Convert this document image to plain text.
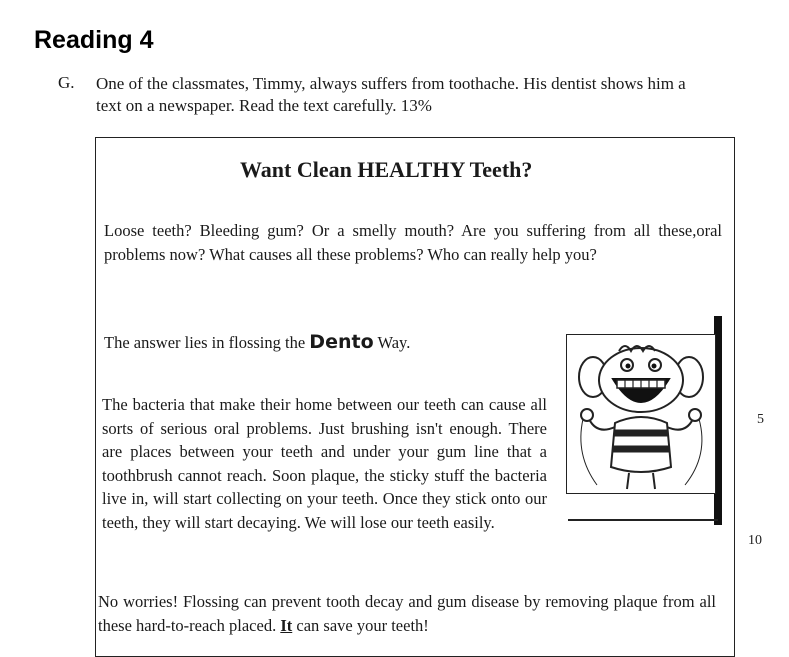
Reading 4
G. One of the classmates, Timmy, always suffers from toothache. His dentist shows him a
text on a newspaper. Read the text carefully. 13%
Want Clean HEALTHY Teeth?
Loose teeth? Bleeding gum? Or a smelly mouth? Are you suffering from all these,oral problems now? What causes all these problems? Who can really help you?
The answer lies in flossing the Dento Way.
The bacteria that make their home between our teeth can cause all sorts of serious oral problems. Just brushing isn't enough. There are places between your teeth and under your gum line that a toothbrush cannot reach. Soon plaque, the sticky stuff the bacteria live in, will start collecting on your teeth. Once they stick onto our teeth, they will start decaying. We will lose our teeth easily.
No worries! Flossing can prevent tooth decay and gum disease by removing plaque from all these hard-to-reach placed. It can save your teeth!
5
10
